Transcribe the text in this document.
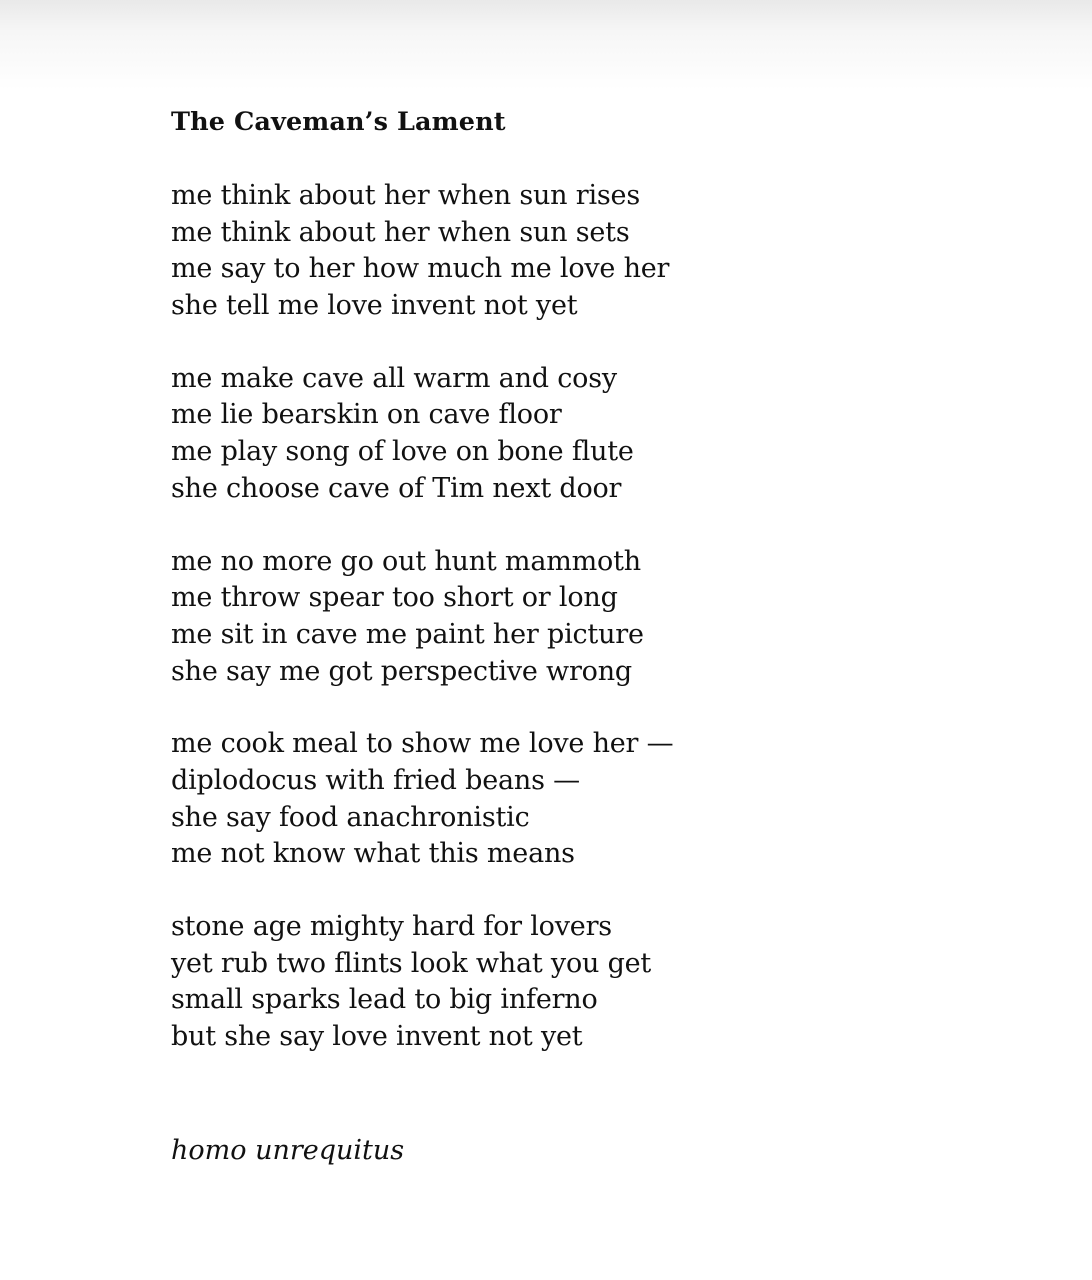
The Caveman’s Lament
me think about her when sun rises
me think about her when sun sets
me say to her how much me love her
she tell me love invent not yet
me make cave all warm and cosy
me lie bearskin on cave floor
me play song of love on bone flute
she choose cave of Tim next door
me no more go out hunt mammoth
me throw spear too short or long
me sit in cave me paint her picture
she say me got perspective wrong
me cook meal to show me love her —
diplodocus with fried beans —
she say food anachronistic
me not know what this means
stone age mighty hard for lovers
yet rub two flints look what you get
small sparks lead to big inferno
but she say love invent not yet
homo unrequitus
